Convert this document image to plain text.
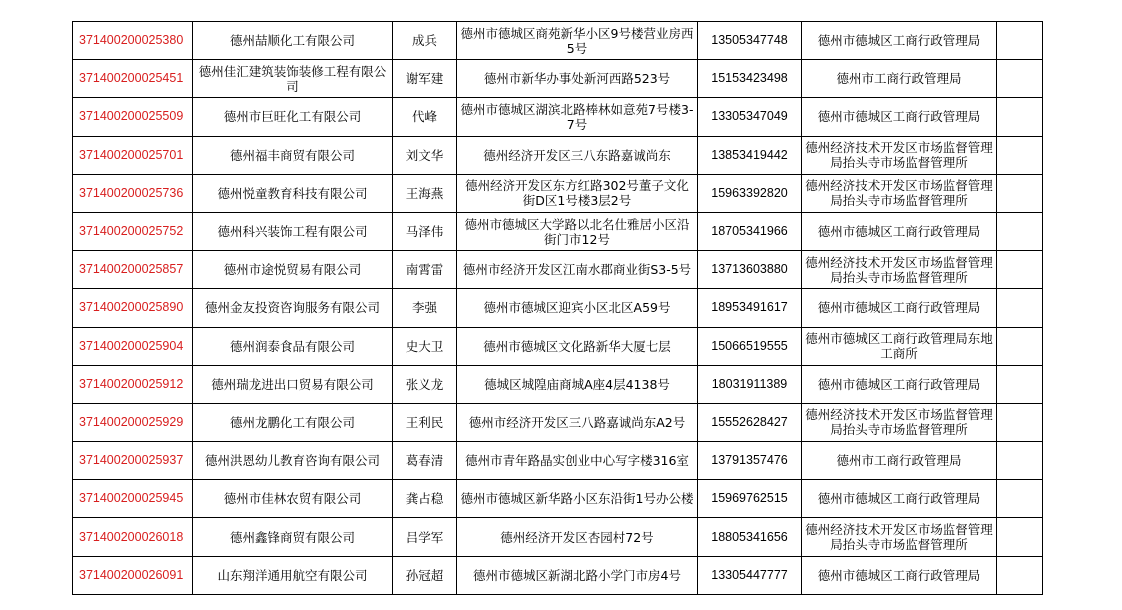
371400200025380	德州喆顺化工有限公司	成兵	德州市德城区商苑新华小区9号楼营业房西5号	13505347748	德州市德城区工商行政管理局	
371400200025451	德州佳汇建筑装饰装修工程有限公司	谢军建	德州市新华办事处新河西路523号	15153423498	德州市工商行政管理局	
371400200025509	德州市巨旺化工有限公司	代峰	德州市德城区湖滨北路棒林如意苑7号楼3-7号	13305347049	德州市德城区工商行政管理局	
371400200025701	德州福丰商贸有限公司	刘文华	德州经济开发区三八东路嘉诚尚东	13853419442	德州经济技术开发区市场监督管理局抬头寺市场监督管理所	
371400200025736	德州悦童教育科技有限公司	王海燕	德州经济开发区东方红路302号董子文化街D区1号楼3层2号	15963392820	德州经济技术开发区市场监督管理局抬头寺市场监督管理所	
371400200025752	德州科兴装饰工程有限公司	马泽伟	德州市德城区大学路以北名仕雅居小区沿街门市12号	18705341966	德州市德城区工商行政管理局	
371400200025857	德州市途悦贸易有限公司	南霄雷	德州市经济开发区江南水郡商业街S3-5号	13713603880	德州经济技术开发区市场监督管理局抬头寺市场监督管理所	
371400200025890	德州金友投资咨询服务有限公司	李强	德州市德城区迎宾小区北区A59号	18953491617	德州市德城区工商行政管理局	
371400200025904	德州润泰食品有限公司	史大卫	德州市德城区文化路新华大厦七层	15066519555	德州市德城区工商行政管理局东地工商所	
371400200025912	德州瑞龙进出口贸易有限公司	张义龙	德城区城隍庙商城A座4层4138号	18031911389	德州市德城区工商行政管理局	
371400200025929	德州龙鹏化工有限公司	王利民	德州市经济开发区三八路嘉诚尚东A2号	15552628427	德州经济技术开发区市场监督管理局抬头寺市场监督管理所	
371400200025937	德州洪恩幼儿教育咨询有限公司	葛春清	德州市青年路晶实创业中心写字楼316室	13791357476	德州市工商行政管理局	
371400200025945	德州市佳林农贸有限公司	龚占稳	德州市德城区新华路小区东沿街1号办公楼	15969762515	德州市德城区工商行政管理局	
371400200026018	德州鑫锋商贸有限公司	吕学军	德州经济开发区杏园村72号	18805341656	德州经济技术开发区市场监督管理局抬头寺市场监督管理所	
371400200026091	山东翔洋通用航空有限公司	孙冠超	德州市德城区新湖北路小学门市房4号	13305447777	德州市德城区工商行政管理局	
